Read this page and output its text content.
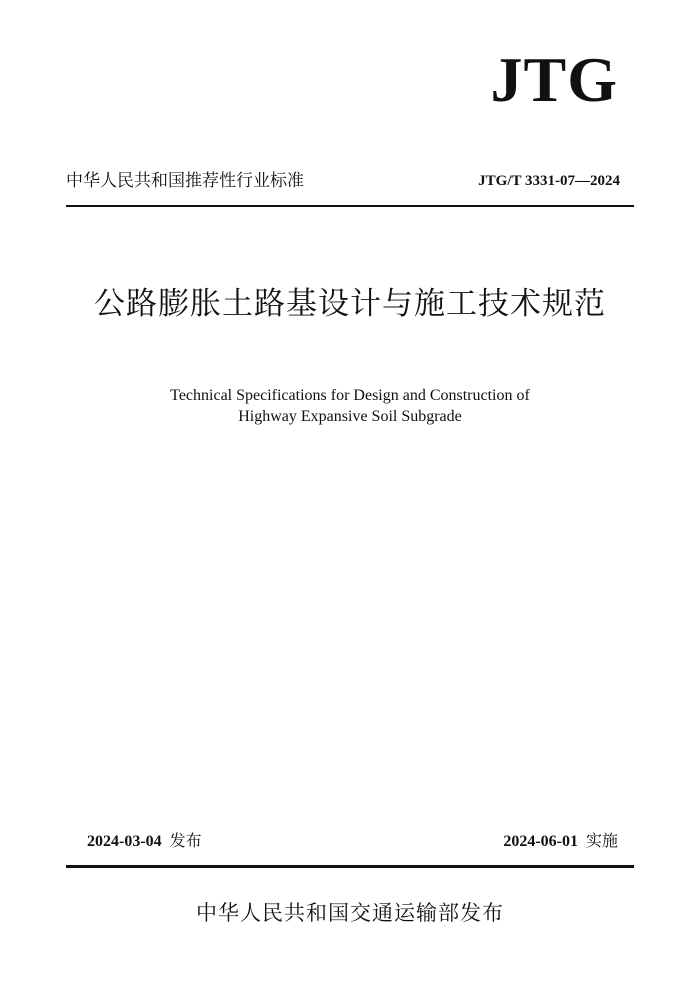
JTG
中华人民共和国推荐性行业标准	JTG/T 3331-07—2024
公路膨胀土路基设计与施工技术规范
Technical Specifications for Design and Construction of
Highway Expansive Soil Subgrade
2024-03-04 发布	2024-06-01 实施
中华人民共和国交通运输部发布
